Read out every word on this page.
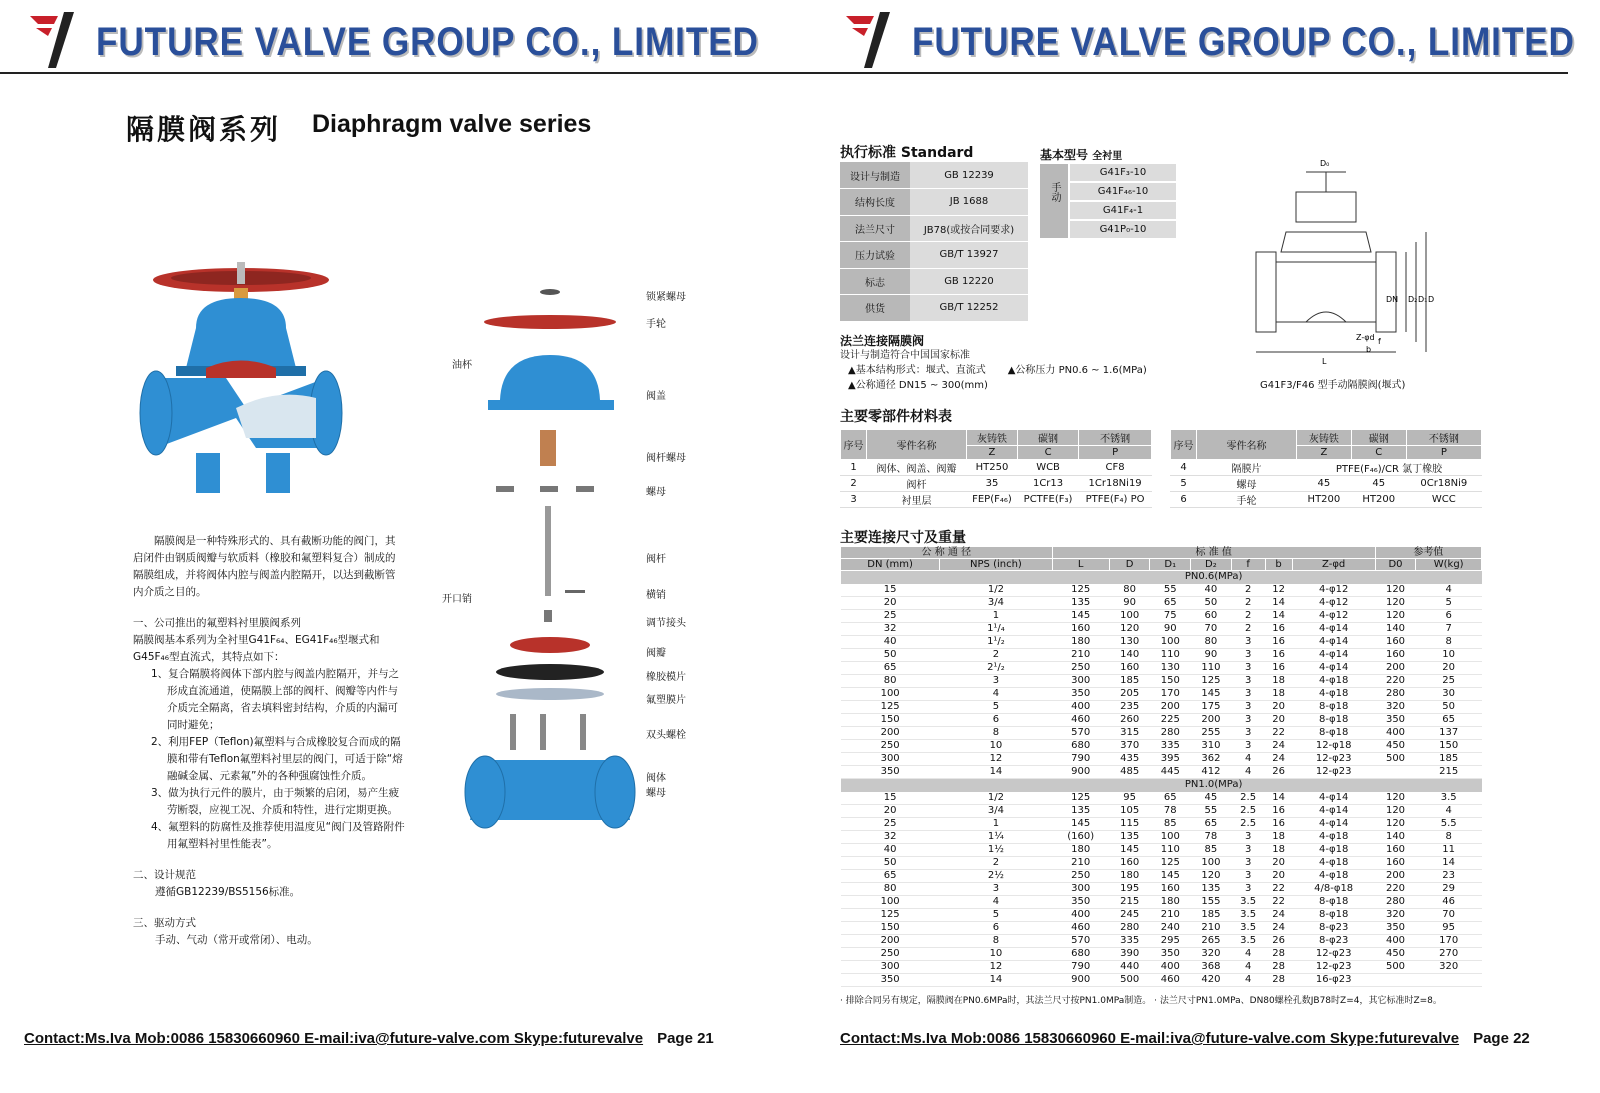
FUTURE VALVE GROUP CO., LIMITED
隔膜阀系列 Diaphragm valve series
锁紧螺母
手轮
油杯
阀盖
阀杆螺母
螺母
阀杆
开口销	横销
调节接头
阀瓣
橡胶模片
氟塑膜片
双头螺栓
阀体
螺母

隔膜阀是一种特殊形式的、具有截断功能的阀门，其启闭件由钢质阀瓣与软质料（橡胶和氟塑料复合）制成的隔膜组成，并将阀体内腔与阀盖内腔隔开，以达到截断管内介质之目的。

一、公司推出的氟塑料衬里膜阀系列

隔膜阀基本系列为全衬里G41F₆₄、EG41F₄₆型堰式和G45F₄₆型直流式，其特点如下：

1、复合隔膜将阀体下部内腔与阀盖内腔隔开，并与之形成直流通道，使隔膜上部的阀杆、阀瓣等内件与介质完全隔离，省去填料密封结构，介质的内漏可同时避免；

2、利用FEP（Teflon)氟塑料与合成橡胶复合而成的隔膜和带有Teflon氟塑料衬里层的阀门，可适于除“熔融碱金属、元素氟”外的各种强腐蚀性介质。

3、做为执行元件的膜片，由于频繁的启闭，易产生疲劳断裂，应视工况、介质和特性，进行定期更换。

4、氟塑料的防腐性及推荐使用温度见“阀门及管路附件用氟塑料衬里性能表”。

二、设计规范

遵循GB12239/BS5156标准。

三、驱动方式

手动、气动（常开或常闭）、电动。

Contact:Ms.Iva Mob:0086 15830660960 E-mail:iva@future-valve.com Skype:futurevalve Page 21
FUTURE VALVE GROUP CO., LIMITED
执行标准 Standard
设计与制造	GB 12239
结构长度	JB 1688
法兰尺寸	JB78(或按合同要求)
压力试验	GB/T 13927
标志	GB 12220
供货	GB/T 12252
基本型号 全衬里
手动
G41F₃-10
G41F₄₆-10
G41F₄-1
G41P₀-10
D₀
DN D₂ D₁ D
Z-φd
L
b
f
G41F3/F46 型手动隔膜阀(堰式)
法兰连接隔膜阀
设计与制造符合中国国家标准
▲基本结构形式：堰式、直流式 ▲公称压力 PN0.6 ~ 1.6(MPa)
▲公称通径 DN15 ~ 300(mm)
主要零部件材料表
序号	零件名称	灰铸铁	碳钢	不锈钢
		Z	C	P
1	阀体、阀盖、阀瓣	HT250	WCB	CF8
2	阀杆	35	1Cr13	1Cr18Ni19
3	衬里层	FEP(F₄₆)	PCTFE(F₃)	PTFE(F₄) PO
序号	零件名称	灰铸铁	碳钢	不锈钢
		Z	C	P
4	隔膜片	PTFE(F₄₆)/CR 氯丁橡胶		
5	螺母	45	45	0Cr18Ni9
6	手轮	HT200	HT200	WCC
主要连接尺寸及重量
公 称 通 径		标 准 值							参考值	
DN (mm)	NPS (inch)	L	D	D₁	D₂	f	b	Z-φd	D0	W(kg)
		PN0.6(MPa)								
15	1/2	125	80	55	40	2	12	4-φ12	120	4
20	3/4	135	90	65	50	2	14	4-φ12	120	5
25	1	145	100	75	60	2	14	4-φ12	120	6
32	1¹/₄	160	120	90	70	2	16	4-φ14	140	7
40	1¹/₂	180	130	100	80	3	16	4-φ14	160	8
50	2	210	140	110	90	3	16	4-φ14	160	10
65	2¹/₂	250	160	130	110	3	16	4-φ14	200	20
80	3	300	185	150	125	3	18	4-φ18	220	25
100	4	350	205	170	145	3	18	4-φ18	280	30
125	5	400	235	200	175	3	20	8-φ18	320	50
150	6	460	260	225	200	3	20	8-φ18	350	65
200	8	570	315	280	255	3	22	8-φ18	400	137
250	10	680	370	335	310	3	24	12-φ18	450	150
300	12	790	435	395	362	4	24	12-φ23	500	185
350	14	900	485	445	412	4	26	12-φ23		215
		PN1.0(MPa)								
15	1/2	125	95	65	45	2.5	14	4-φ14	120	3.5
20	3/4	135	105	78	55	2.5	16	4-φ14	120	4
25	1	145	115	85	65	2.5	16	4-φ14	120	5.5
32	1¼	(160)	135	100	78	3	18	4-φ18	140	8
40	1½	180	145	110	85	3	18	4-φ18	160	11
50	2	210	160	125	100	3	20	4-φ18	160	14
65	2½	250	180	145	120	3	20	4-φ18	200	23
80	3	300	195	160	135	3	22	4/8-φ18	220	29
100	4	350	215	180	155	3.5	22	8-φ18	280	46
125	5	400	245	210	185	3.5	24	8-φ18	320	70
150	6	460	280	240	210	3.5	24	8-φ23	350	95
200	8	570	335	295	265	3.5	26	8-φ23	400	170
250	10	680	390	350	320	4	28	12-φ23	450	270
300	12	790	440	400	368	4	28	12-φ23	500	320
350	14	900	500	460	420	4	28	16-φ23		
· 排除合同另有规定，隔膜阀在PN0.6MPa时，其法兰尺寸按PN1.0MPa制造。 · 法兰尺寸PN1.0MPa、DN80螺栓孔数JB78时Z=4，其它标准时Z=8。
Contact:Ms.Iva Mob:0086 15830660960 E-mail:iva@future-valve.com Skype:futurevalve Page 22
